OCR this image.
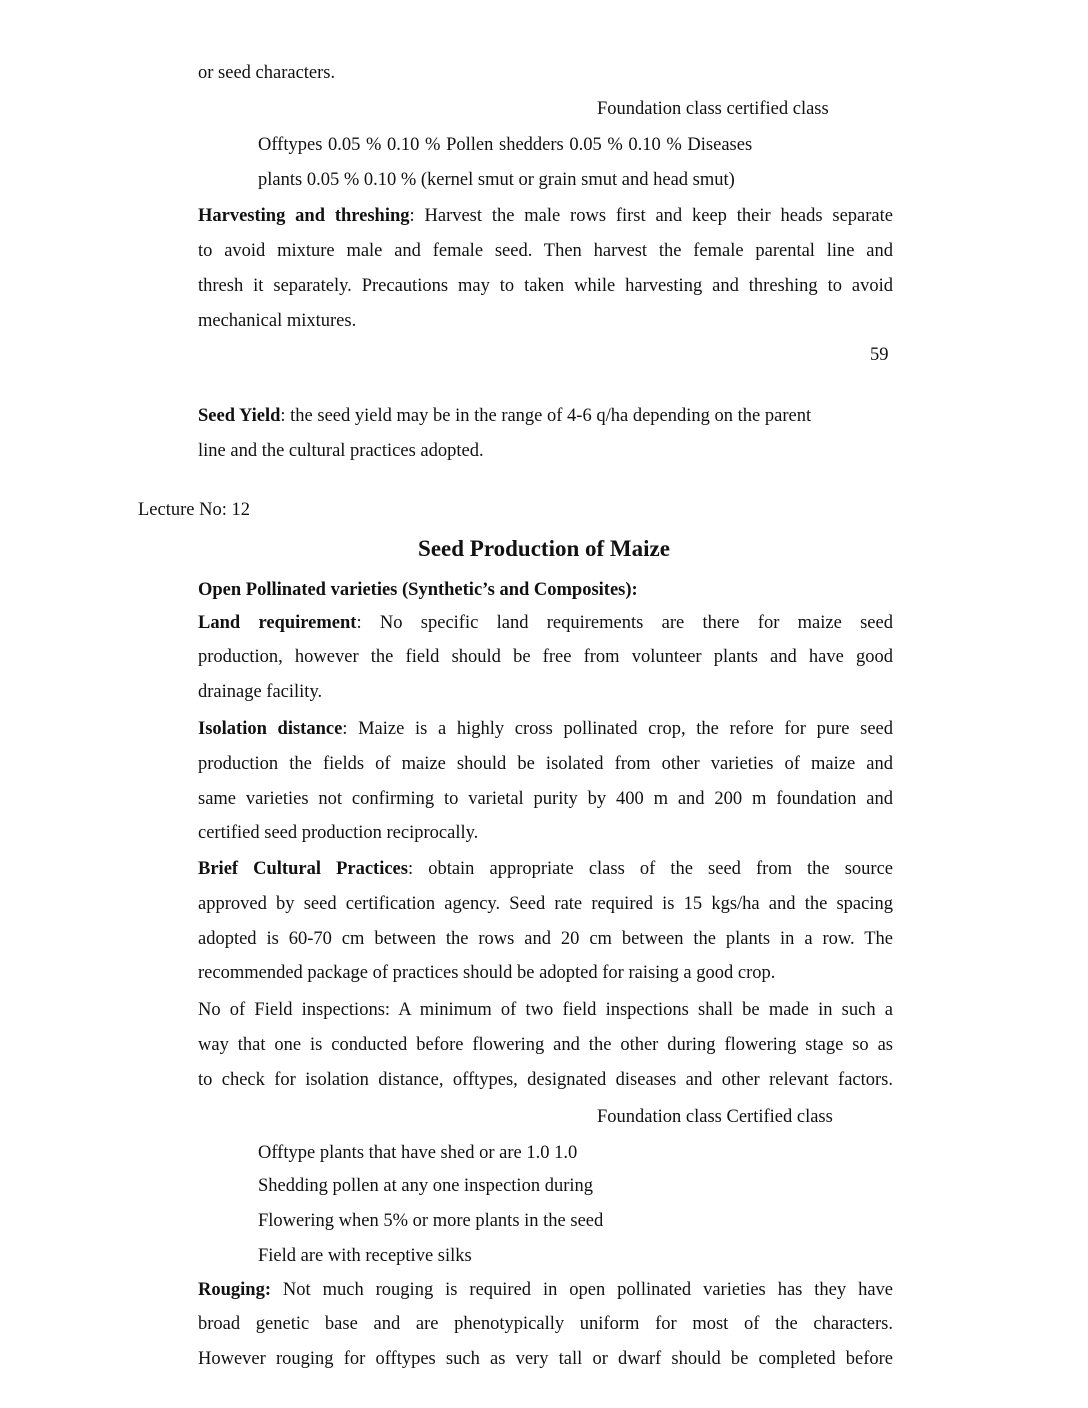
or seed characters.
Foundation class certified class
Offtypes 0.05 % 0.10 % Pollen shedders 0.05 % 0.10 % Diseases
plants 0.05 % 0.10 % (kernel smut or grain smut and head smut)
Harvesting and threshing: Harvest the male rows first and keep their heads separate
to avoid mixture male and female seed. Then harvest the female parental line and
thresh it separately. Precautions may to taken while harvesting and threshing to avoid
mechanical mixtures.
59
Seed Yield: the seed yield may be in the range of 4-6 q/ha depending on the parent
line and the cultural practices adopted.
Lecture No: 12
Seed Production of Maize
Open Pollinated varieties (Synthetic’s and Composites):
Land requirement: No specific land requirements are there for maize seed
production, however the field should be free from volunteer plants and have good
drainage facility.
Isolation distance: Maize is a highly cross pollinated crop, the refore for pure seed
production the fields of maize should be isolated from other varieties of maize and
same varieties not confirming to varietal purity by 400 m and 200 m foundation and
certified seed production reciprocally.
Brief Cultural Practices: obtain appropriate class of the seed from the source
approved by seed certification agency. Seed rate required is 15 kgs/ha and the spacing
adopted is 60-70 cm between the rows and 20 cm between the plants in a row. The
recommended package of practices should be adopted for raising a good crop.
No of Field inspections: A minimum of two field inspections shall be made in such a
way that one is conducted before flowering and the other during flowering stage so as
to check for isolation distance, offtypes, designated diseases and other relevant factors.
Foundation class Certified class
Offtype plants that have shed or are 1.0 1.0
Shedding pollen at any one inspection during
Flowering when 5% or more plants in the seed
Field are with receptive silks
Rouging: Not much rouging is required in open pollinated varieties has they have
broad genetic base and are phenotypically uniform for most of the characters.
However rouging for offtypes such as very tall or dwarf should be completed before
